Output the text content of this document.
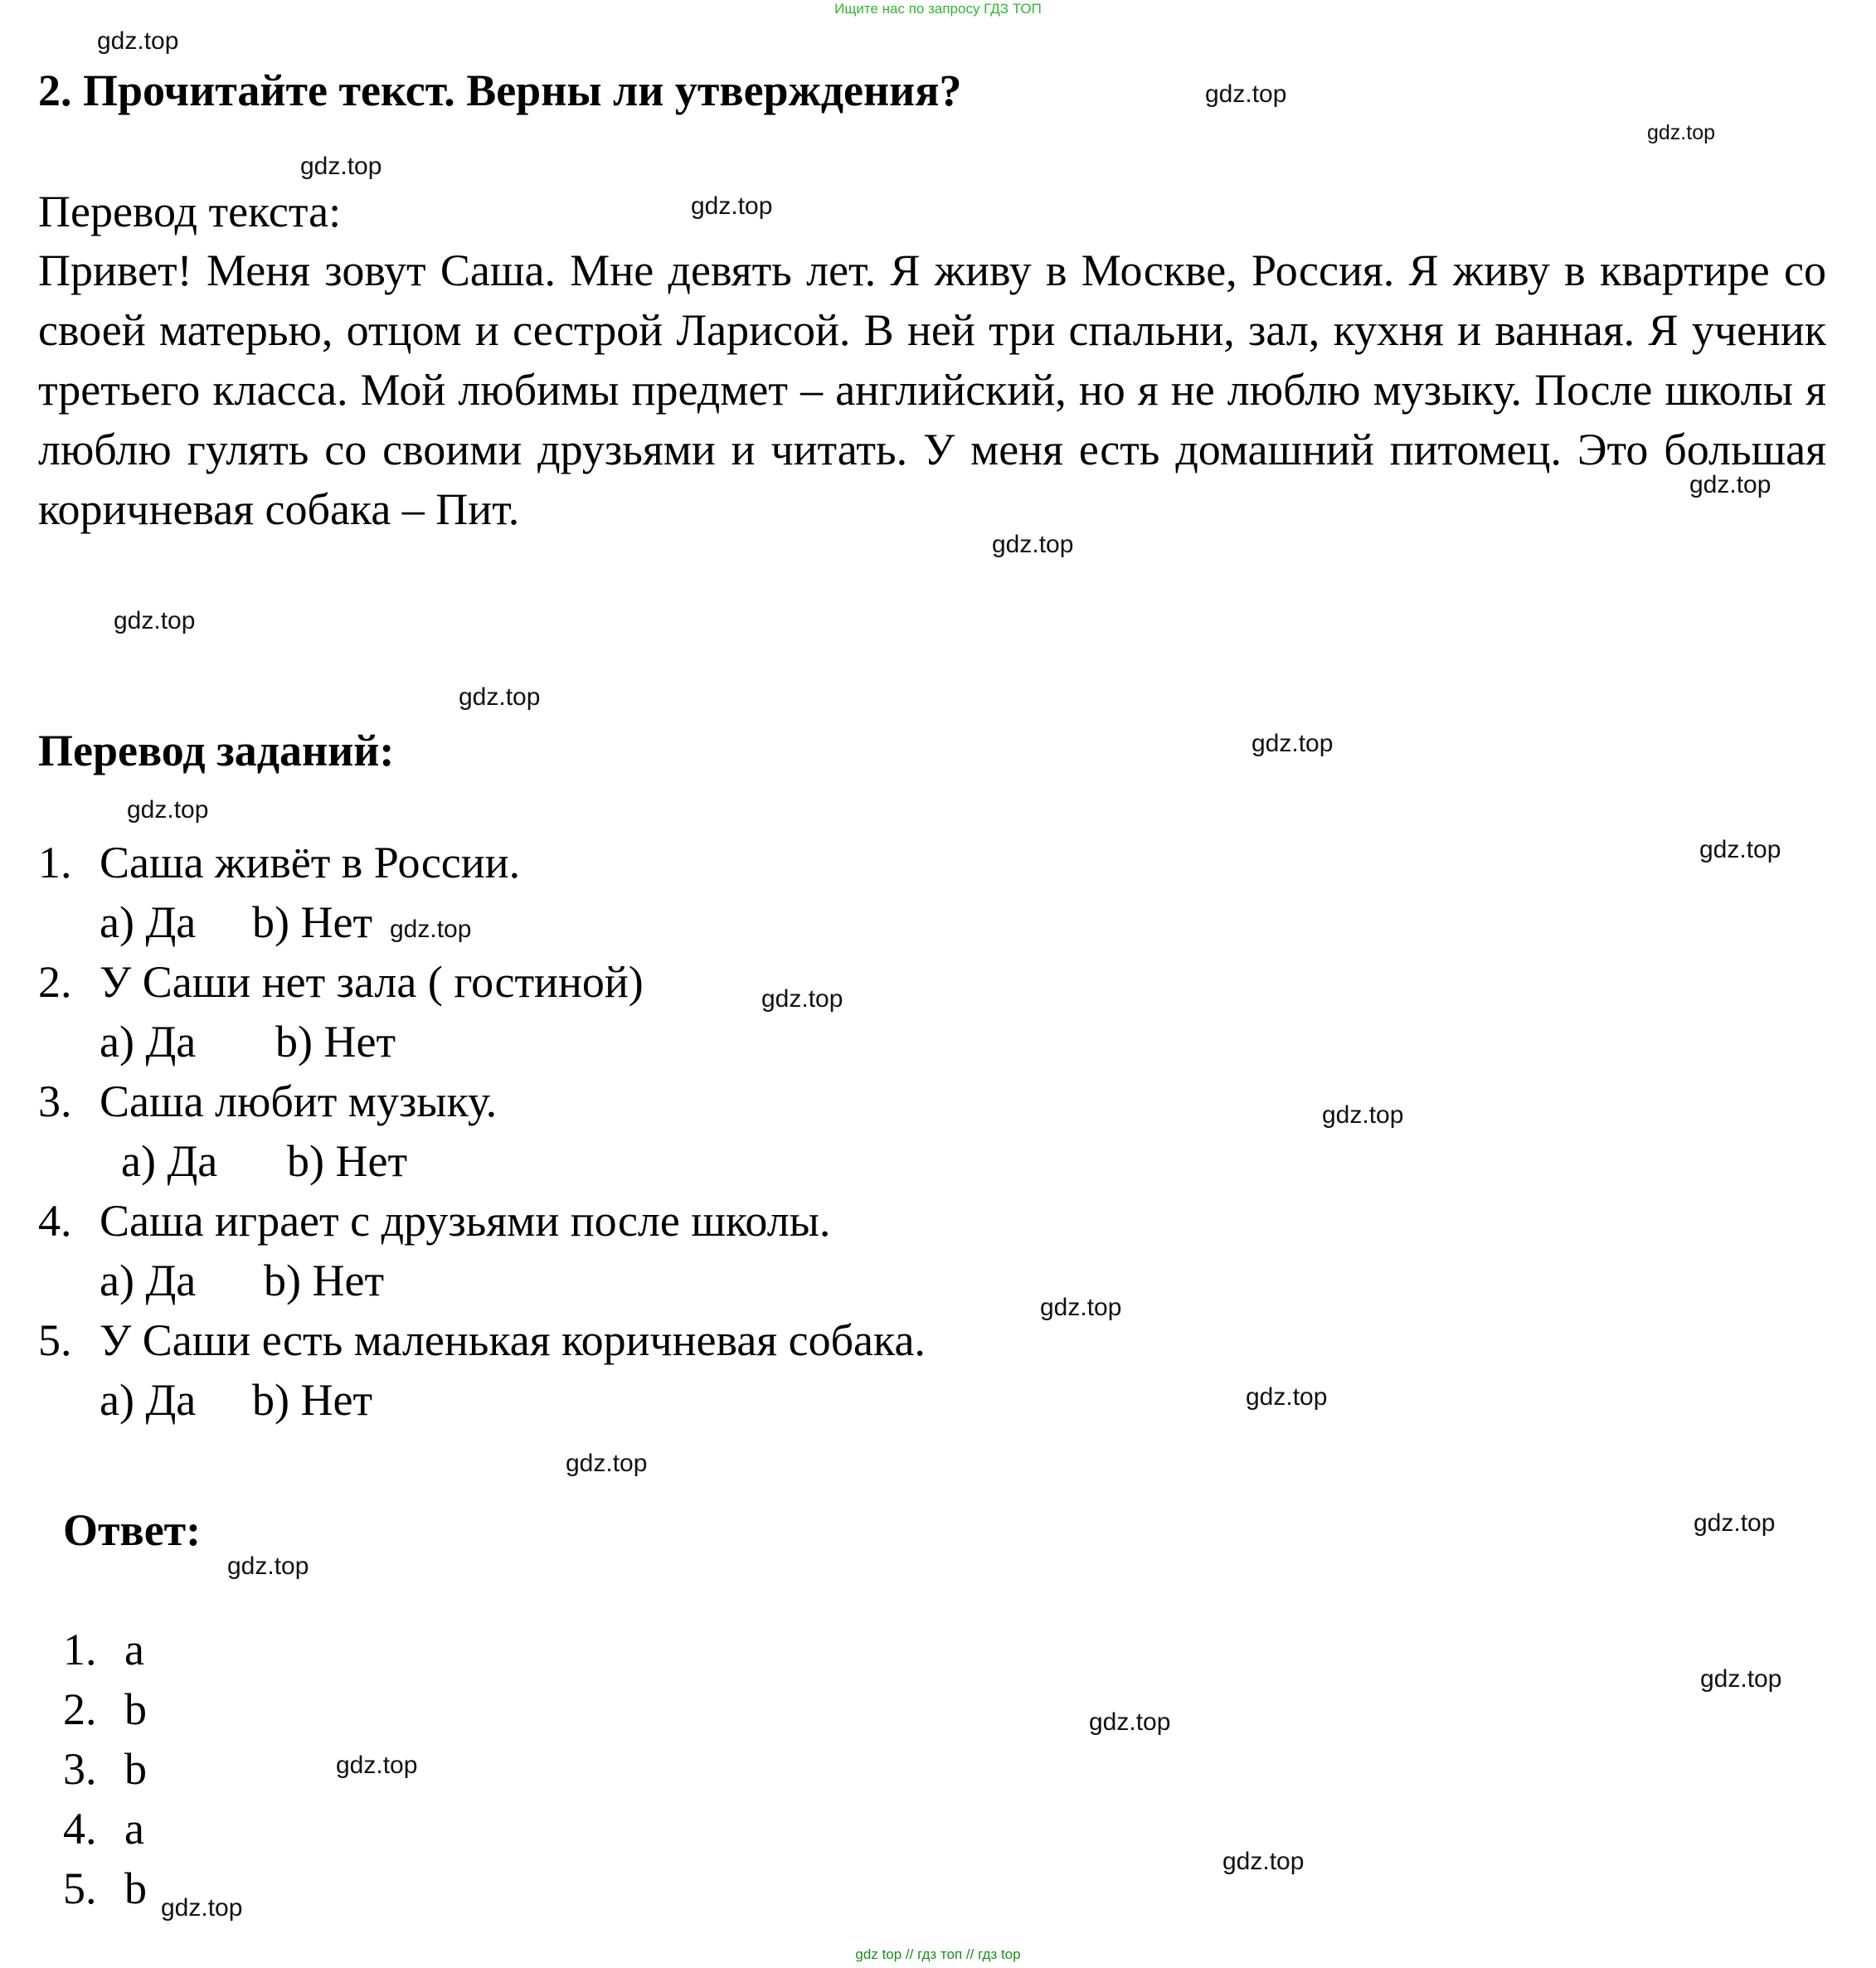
Ищите нас по запросу ГДЗ ТОП
2. Прочитайте текст. Верны ли утверждения?
Перевод текста:

Привет! Меня зовут Саша. Мне девять лет. Я живу в Москве, Россия. Я живу в квартире со своей матерью, отцом и сестрой Ларисой. В ней три спальни, зал, кухня и ванная. Я ученик третьего класса. Мой любимы предмет – английский, но я не люблю музыку. После школы я люблю гулять со своими друзьями и читать. У меня есть домашний питомец. Это большая коричневая собака – Пит.

Перевод заданий:
1. Саша живёт в России.
a) Да b) Нет
2. У Саши нет зала ( гостиной)
a) Да b) Нет
3. Саша любит музыку.
a) Да b) Нет
4. Саша играет с друзьями после школы.
a) Да b) Нет
5. У Саши есть маленькая коричневая собака.
a) Да b) Нет
Ответ:
1. a
2. b
3. b
4. a
5. b
gdz.top
gdz.top
gdz.top
gdz.top
gdz.top
gdz.top
gdz.top
gdz.top
gdz.top
gdz.top
gdz.top
gdz.top
gdz.top
gdz.top
gdz.top
gdz.top
gdz.top
gdz.top
gdz.top
gdz.top
gdz.top
gdz.top
gdz.top
gdz.top
gdz.top
gdz top // гдз топ // гдз top
